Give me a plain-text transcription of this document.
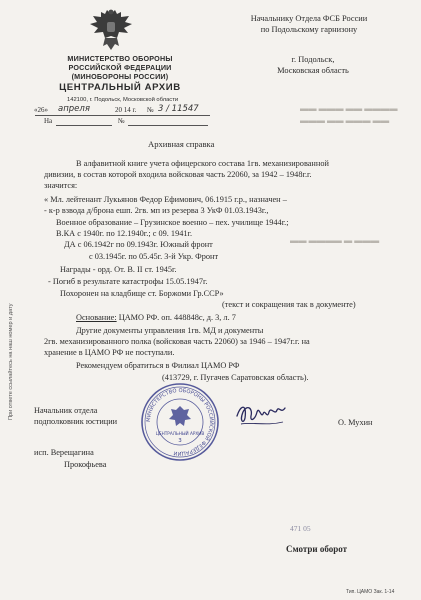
МИНИСТЕРСТВО ОБОРОНЫ
РОССИЙСКОЙ ФЕДЕРАЦИИ
(МИНОБОРОНЫ РОССИИ)
ЦЕНТРАЛЬНЫЙ АРХИВ
142100, г. Подольск, Московской области
«26» апреля	20 14 г. № 3 / 11547
На	№
Начальнику Отдела ФСБ России
по Подольскому гарнизону
г. Подольск,
Московская область
▬▬ ▬▬▬ ▬▬ ▬▬▬▬
▬▬▬ ▬▬ ▬▬▬ ▬▬
▬▬ ▬▬▬▬ ▬ ▬▬▬
Архивная справка
В алфавитной книге учета офицерского состава 1гв. механизированной
дивизии, в состав которой входила войсковая часть 22060, за 1942 – 1948г.г.
значится:
« Мл. лейтенант Лукьянов Федор Ефимович, 06.1915 г.р., назначен –
- к-р взвода д/брона ешп. 2гв. мп из резерва 3 УкФ 01.03.1943г.,
Военное образование – Грузинское военно – пех. училище 1944г.;
В.КА с 1940г. по 12.1940г.; с 09. 1941г.
ДА с 06.1942г по 09.1943г. Южный фронт
с 03.1945г. по 05.45г. 3-й Укр. Фронт
Награды - орд. От. В. II ст. 1945г.
- Погиб в результате катастрофы 15.05.1947г.
Похоронен на кладбище ст. Боржоми Гр.ССР»
(текст и сокращения так в документе)
Основание: ЦАМО РФ. оп. 448848с, д. 3, л. 7
Другие документы управления 1гв. МД и документы
2гв. механизированного полка (войсковая часть 22060) за 1946 – 1947г.г. на
хранение в ЦАМО РФ не поступали.
Рекомендуем обратиться в Филиал ЦАМО РФ
(413729, г. Пугачев Саратовская область).
МИНИСТЕРСТВО ОБОРОНЫ РОССИЙСКОЙ ФЕДЕРАЦИИ
ЦЕНТРАЛЬНЫЙ АРХИВ
3
Начальник отдела
подполковник юстиции	О. Мухин
исп. Верещагина
Прокофьева
При ответе ссылайтесь на наш номер и дату
471 05
Смотри оборот
Тип. ЦАМО Зак. 1-14
